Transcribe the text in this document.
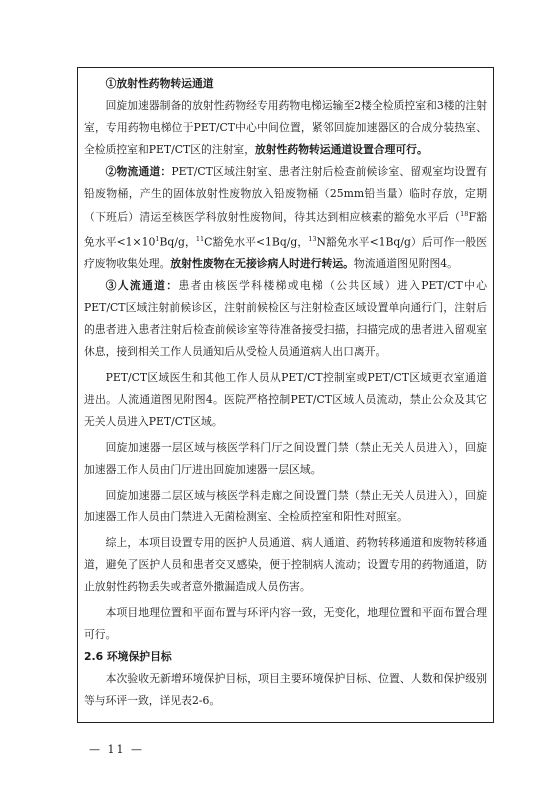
①放射性药物转运通道

回旋加速器制备的放射性药物经专用药物电梯运输至2楼全检质控室和3楼的注射室，专用药物电梯位于PET/CT中心中间位置，紧邻回旋加速器区的合成分装热室、全检质控室和PET/CT区的注射室，放射性药物转运通道设置合理可行。

②物流通道：PET/CT区域注射室、患者注射后检查前候诊室、留观室均设置有铅废物桶，产生的固体放射性废物放入铅废物桶（25mm铅当量）临时存放，定期（下班后）清运至核医学科放射性废物间，待其达到相应核素的豁免水平后（$^{18}$F豁免水平$<1\times 10^1Bq/g$，$^{11}$C豁免水平<1Bq/g，$^{13}$N豁免水平<1Bq/g）后可作一般医疗废物收集处理。放射性废物在无接诊病人时进行转运。物流通道图见附图4。

③人流通道：患者由核医学科楼梯或电梯（公共区域）进入PET/CT中心PET/CT区域注射前候诊区，注射前候检区与注射检查区域设置单向通行门，注射后的患者进入患者注射后检查前候诊室等待准备接受扫描，扫描完成的患者进入留观室休息，接到相关工作人员通知后从受检人员通道病人出口离开。

PET/CT区域医生和其他工作人员从PET/CT控制室或PET/CT区域更衣室通道进出。人流通道图见附图4。医院严格控制PET/CT区域人员流动，禁止公众及其它无关人员进入PET/CT区域。

回旋加速器一层区域与核医学科门厅之间设置门禁（禁止无关人员进入），回旋加速器工作人员由门厅进出回旋加速器一层区域。

回旋加速器二层区域与核医学科走廊之间设置门禁（禁止无关人员进入），回旋加速器工作人员由门禁进入无菌检测室、全检质控室和阳性对照室。

综上，本项目设置专用的医护人员通道、病人通道、药物转移通道和废物转移通道，避免了医护人员和患者交叉感染，便于控制病人流动；设置专用的药物通道，防止放射性药物丢失或者意外撒漏造成人员伤害。

本项目地理位置和平面布置与环评内容一致，无变化，地理位置和平面布置合理可行。

2.6 环境保护目标

本次验收无新增环境保护目标，项目主要环境保护目标、位置、人数和保护级别等与环评一致，详见表2-6。

— 11 —
